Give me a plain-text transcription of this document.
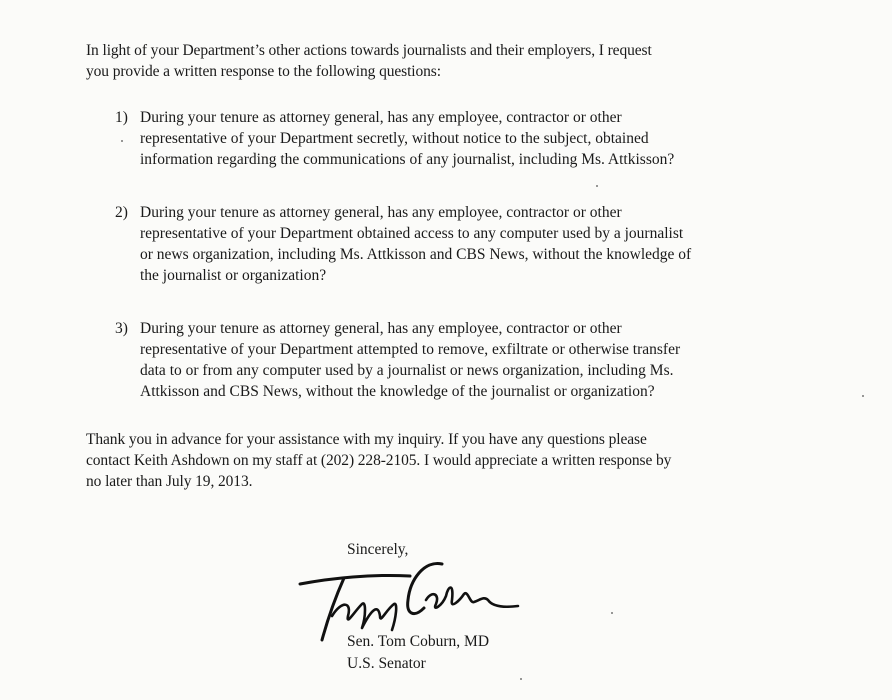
In light of your Department’s other actions towards journalists and their employers, I request
you provide a written response to the following questions:
1) During your tenure as attorney general, has any employee, contractor or other
representative of your Department secretly, without notice to the subject, obtained
information regarding the communications of any journalist, including Ms. Attkisson?
2) During your tenure as attorney general, has any employee, contractor or other
representative of your Department obtained access to any computer used by a journalist
or news organization, including Ms. Attkisson and CBS News, without the knowledge of
the journalist or organization?
3) During your tenure as attorney general, has any employee, contractor or other
representative of your Department attempted to remove, exfiltrate or otherwise transfer
data to or from any computer used by a journalist or news organization, including Ms.
Attkisson and CBS News, without the knowledge of the journalist or organization?
Thank you in advance for your assistance with my inquiry. If you have any questions please
contact Keith Ashdown on my staff at (202) 228-2105. I would appreciate a written response by
no later than July 19, 2013.
Sincerely,
Sen. Tom Coburn, MD
U.S. Senator
